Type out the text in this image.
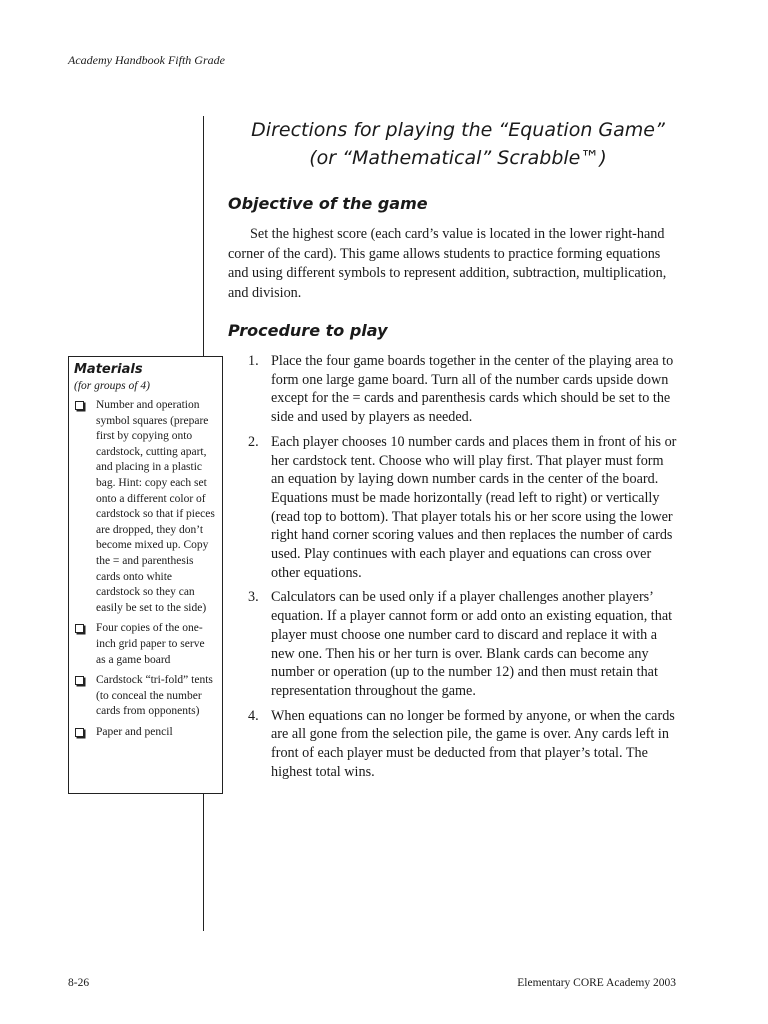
Academy Handbook Fifth Grade
Directions for playing the “Equation Game”
(or “Mathematical” Scrabble™)
Objective of the game

Set the highest score (each card’s value is located in the lower right-hand corner of the card). This game allows students to practice forming equations and using different symbols to represent addition, subtraction, multiplication, and division.

Procedure to play
1. Place the four game boards together in the center of the playing area to form one large game board. Turn all of the number cards upside down except for the = cards and parenthesis cards which should be set to the side and used by players as needed.
2. Each player chooses 10 number cards and places them in front of his or her cardstock tent. Choose who will play first. That player must form an equation by laying down number cards in the center of the board. Equations must be made horizontally (read left to right) or vertically (read top to bottom). That player totals his or her score using the lower right hand corner scoring values and then replaces the number of cards used. Play continues with each player and equations can cross over other equations.
3. Calculators can be used only if a player challenges another players’ equation. If a player cannot form or add onto an existing equation, that player must choose one number card to discard and replace it with a new one. Then his or her turn is over. Blank cards can become any number or operation (up to the number 12) and then must retain that representation throughout the game.
4. When equations can no longer be formed by anyone, or when the cards are all gone from the selection pile, the game is over. Any cards left in front of each player must be deducted from that player’s total. The highest total wins.
Materials
(for groups of 4)
Number and operation symbol squares (prepare first by copying onto cardstock, cutting apart, and placing in a plastic bag. Hint: copy each set onto a different color of cardstock so that if pieces are dropped, they don’t become mixed up. Copy the = and parenthesis cards onto white cardstock so they can easily be set to the side)
Four copies of the one-inch grid paper to serve as a game board
Cardstock “tri-fold” tents (to conceal the number cards from opponents)
Paper and pencil
8-26	Elementary CORE Academy 2003
